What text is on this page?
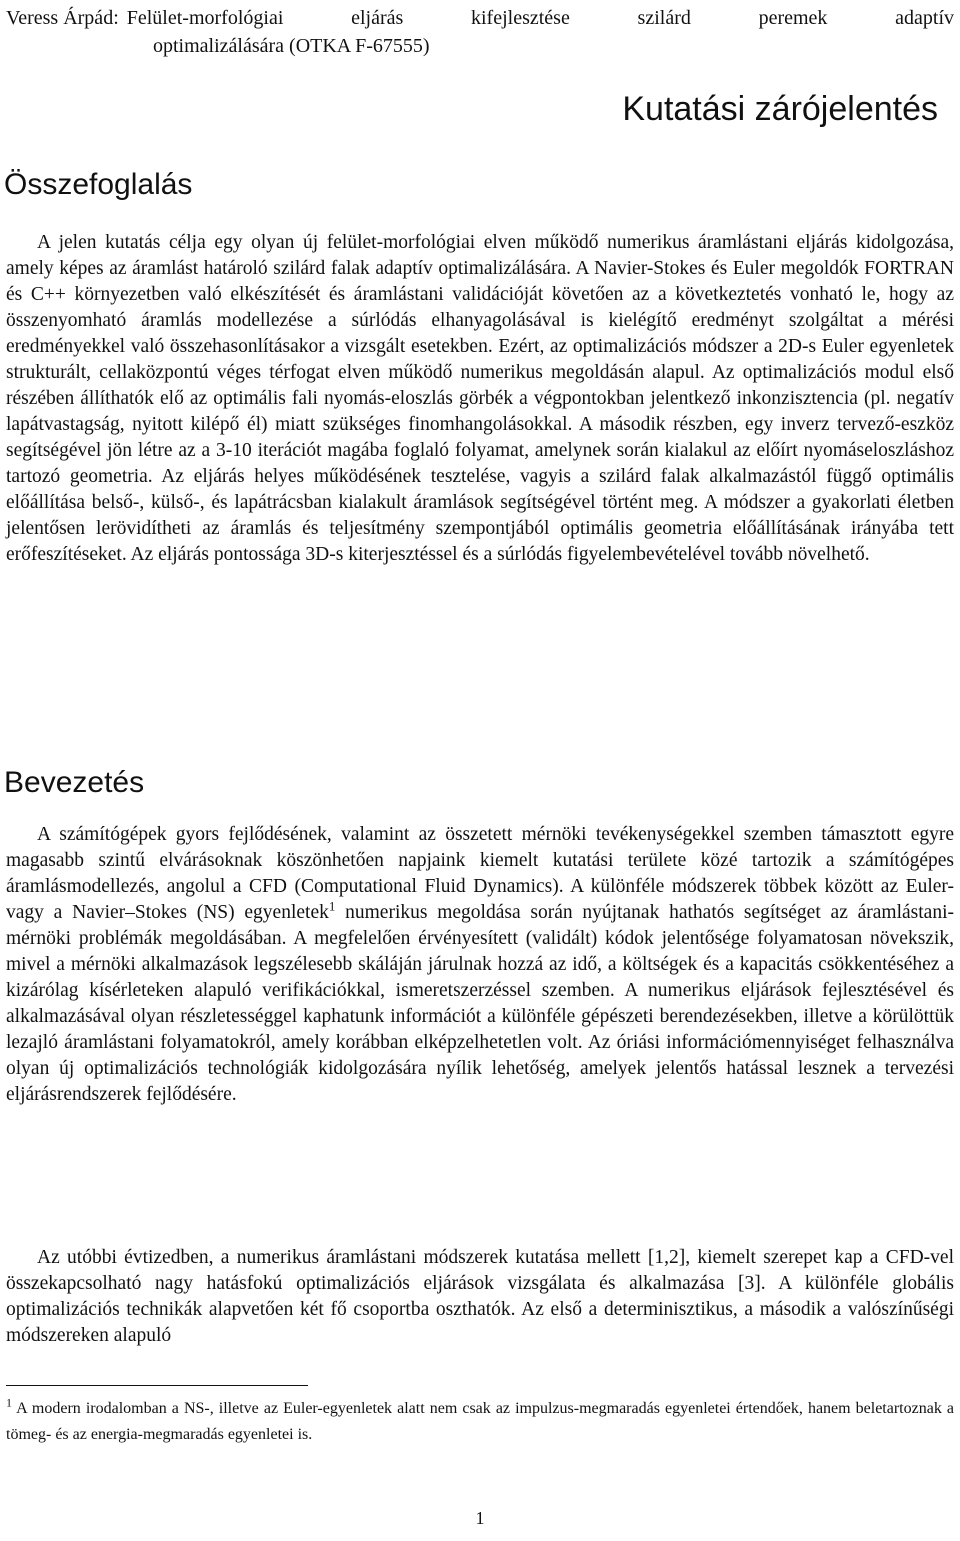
Veress Árpád: Felület-morfológiai eljárás kifejlesztése szilárd peremek adaptív
optimalizálására (OTKA F-67555)
Kutatási zárójelentés
Összefoglalás

A jelen kutatás célja egy olyan új felület-morfológiai elven működő numerikus áramlástani eljárás kidolgozása, amely képes az áramlást határoló szilárd falak adaptív optimalizálására. A Navier-Stokes és Euler megoldók FORTRAN és C++ környezetben való elkészítését és áramlástani validációját követően az a következtetés vonható le, hogy az összenyomható áramlás modellezése a súrlódás elhanyagolásával is kielégítő eredményt szolgáltat a mérési eredményekkel való összehasonlításakor a vizsgált esetekben. Ezért, az optimalizációs módszer a 2D-s Euler egyenletek strukturált, cellaközpontú véges térfogat elven működő numerikus megoldásán alapul. Az optimalizációs modul első részében állíthatók elő az optimális fali nyomás-eloszlás görbék a végpontokban jelentkező inkonzisztencia (pl. negatív lapátvastagság, nyitott kilépő él) miatt szükséges finomhangolásokkal. A második részben, egy inverz tervező-eszköz segítségével jön létre az a 3-10 iterációt magába foglaló folyamat, amelynek során kialakul az előírt nyomáseloszláshoz tartozó geometria. Az eljárás helyes működésének tesztelése, vagyis a szilárd falak alkalmazástól függő optimális előállítása belső-, külső-, és lapátrácsban kialakult áramlások segítségével történt meg. A módszer a gyakorlati életben jelentősen lerövidítheti az áramlás és teljesítmény szempontjából optimális geometria előállításának irányába tett erőfeszítéseket. Az eljárás pontossága 3D-s kiterjesztéssel és a súrlódás figyelembevételével tovább növelhető.

Bevezetés

A számítógépek gyors fejlődésének, valamint az összetett mérnöki tevékenységekkel szemben támasztott egyre magasabb szintű elvárásoknak köszönhetően napjaink kiemelt kutatási területe közé tartozik a számítógépes áramlásmodellezés, angolul a CFD (Computational Fluid Dynamics). A különféle módszerek többek között az Euler- vagy a Navier–Stokes (NS) egyenletek$^1$ numerikus megoldása során nyújtanak hathatós segítséget az áramlástani-mérnöki problémák megoldásában. A megfelelően érvényesített (validált) kódok jelentősége folyamatosan növekszik, mivel a mérnöki alkalmazások legszélesebb skáláján járulnak hozzá az idő, a költségek és a kapacitás csökkentéséhez a kizárólag kísérleteken alapuló verifikációkkal, ismeretszerzéssel szemben. A numerikus eljárások fejlesztésével és alkalmazásával olyan részletességgel kaphatunk információt a különféle gépészeti berendezésekben, illetve a körülöttük lezajló áramlástani folyamatokról, amely korábban elképzelhetetlen volt. Az óriási információmennyiséget felhasználva olyan új optimalizációs technológiák kidolgozására nyílik lehetőség, amelyek jelentős hatással lesznek a tervezési eljárásrendszerek fejlődésére.

Az utóbbi évtizedben, a numerikus áramlástani módszerek kutatása mellett [1,2], kiemelt szerepet kap a CFD-vel összekapcsolható nagy hatásfokú optimalizációs eljárások vizsgálata és alkalmazása [3]. A különféle globális optimalizációs technikák alapvetően két fő csoportba oszthatók. Az első a determinisztikus, a második a valószínűségi módszereken alapuló

$^1$ A modern irodalomban a NS-, illetve az Euler-egyenletek alatt nem csak az impulzus-megmaradás egyenletei értendőek, hanem beletartoznak a tömeg- és az energia-megmaradás egyenletei is.

1
